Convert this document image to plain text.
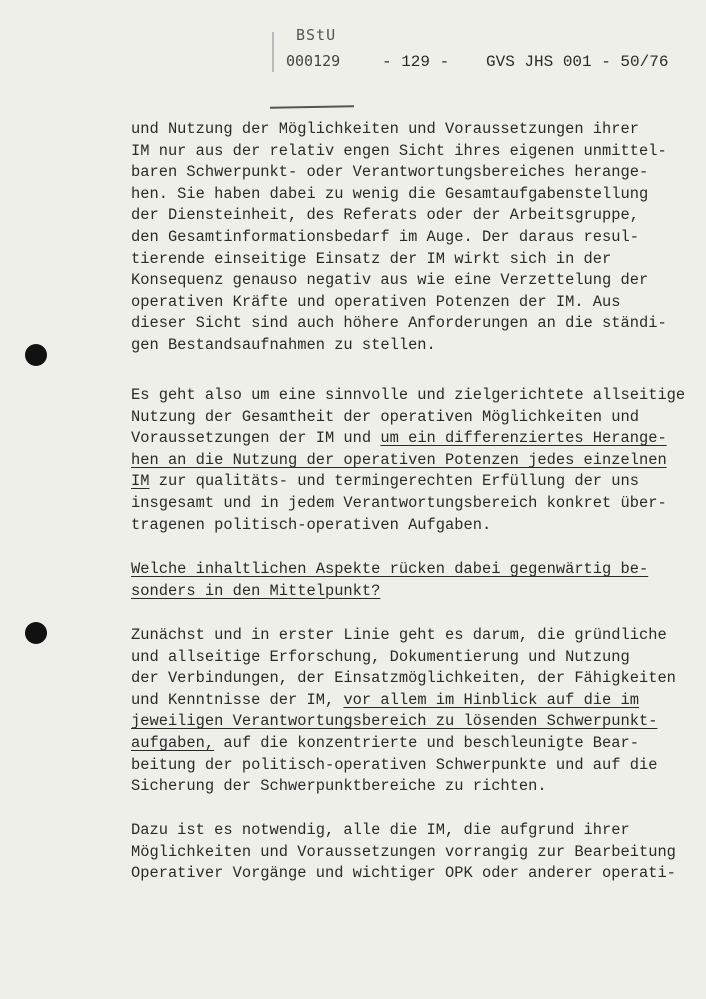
BStU
000129	- 129 - GVS JHS 001 - 50/76
und Nutzung der Möglichkeiten und Voraussetzungen ihrer
IM nur aus der relativ engen Sicht ihres eigenen unmittel-
baren Schwerpunkt- oder Verantwortungsbereiches herange-
hen. Sie haben dabei zu wenig die Gesamtaufgabenstellung
der Diensteinheit, des Referats oder der Arbeitsgruppe,
den Gesamtinformationsbedarf im Auge. Der daraus resul-
tierende einseitige Einsatz der IM wirkt sich in der
Konsequenz genauso negativ aus wie eine Verzettelung der
operativen Kräfte und operativen Potenzen der IM. Aus
dieser Sicht sind auch höhere Anforderungen an die ständi-
gen Bestandsaufnahmen zu stellen.
Es geht also um eine sinnvolle und zielgerichtete allseitige
Nutzung der Gesamtheit der operativen Möglichkeiten und
Voraussetzungen der IM und um ein differenziertes Herange-
hen an die Nutzung der operativen Potenzen jedes einzelnen
IM zur qualitäts- und termingerechten Erfüllung der uns
insgesamt und in jedem Verantwortungsbereich konkret über-
tragenen politisch-operativen Aufgaben.
Welche inhaltlichen Aspekte rücken dabei gegenwärtig be-
sonders in den Mittelpunkt?
Zunächst und in erster Linie geht es darum, die gründliche
und allseitige Erforschung, Dokumentierung und Nutzung
der Verbindungen, der Einsatzmöglichkeiten, der Fähigkeiten
und Kenntnisse der IM, vor allem im Hinblick auf die im
jeweiligen Verantwortungsbereich zu lösenden Schwerpunkt-
aufgaben, auf die konzentrierte und beschleunigte Bear-
beitung der politisch-operativen Schwerpunkte und auf die
Sicherung der Schwerpunktbereiche zu richten.
Dazu ist es notwendig, alle die IM, die aufgrund ihrer
Möglichkeiten und Voraussetzungen vorrangig zur Bearbeitung
Operativer Vorgänge und wichtiger OPK oder anderer operati-
